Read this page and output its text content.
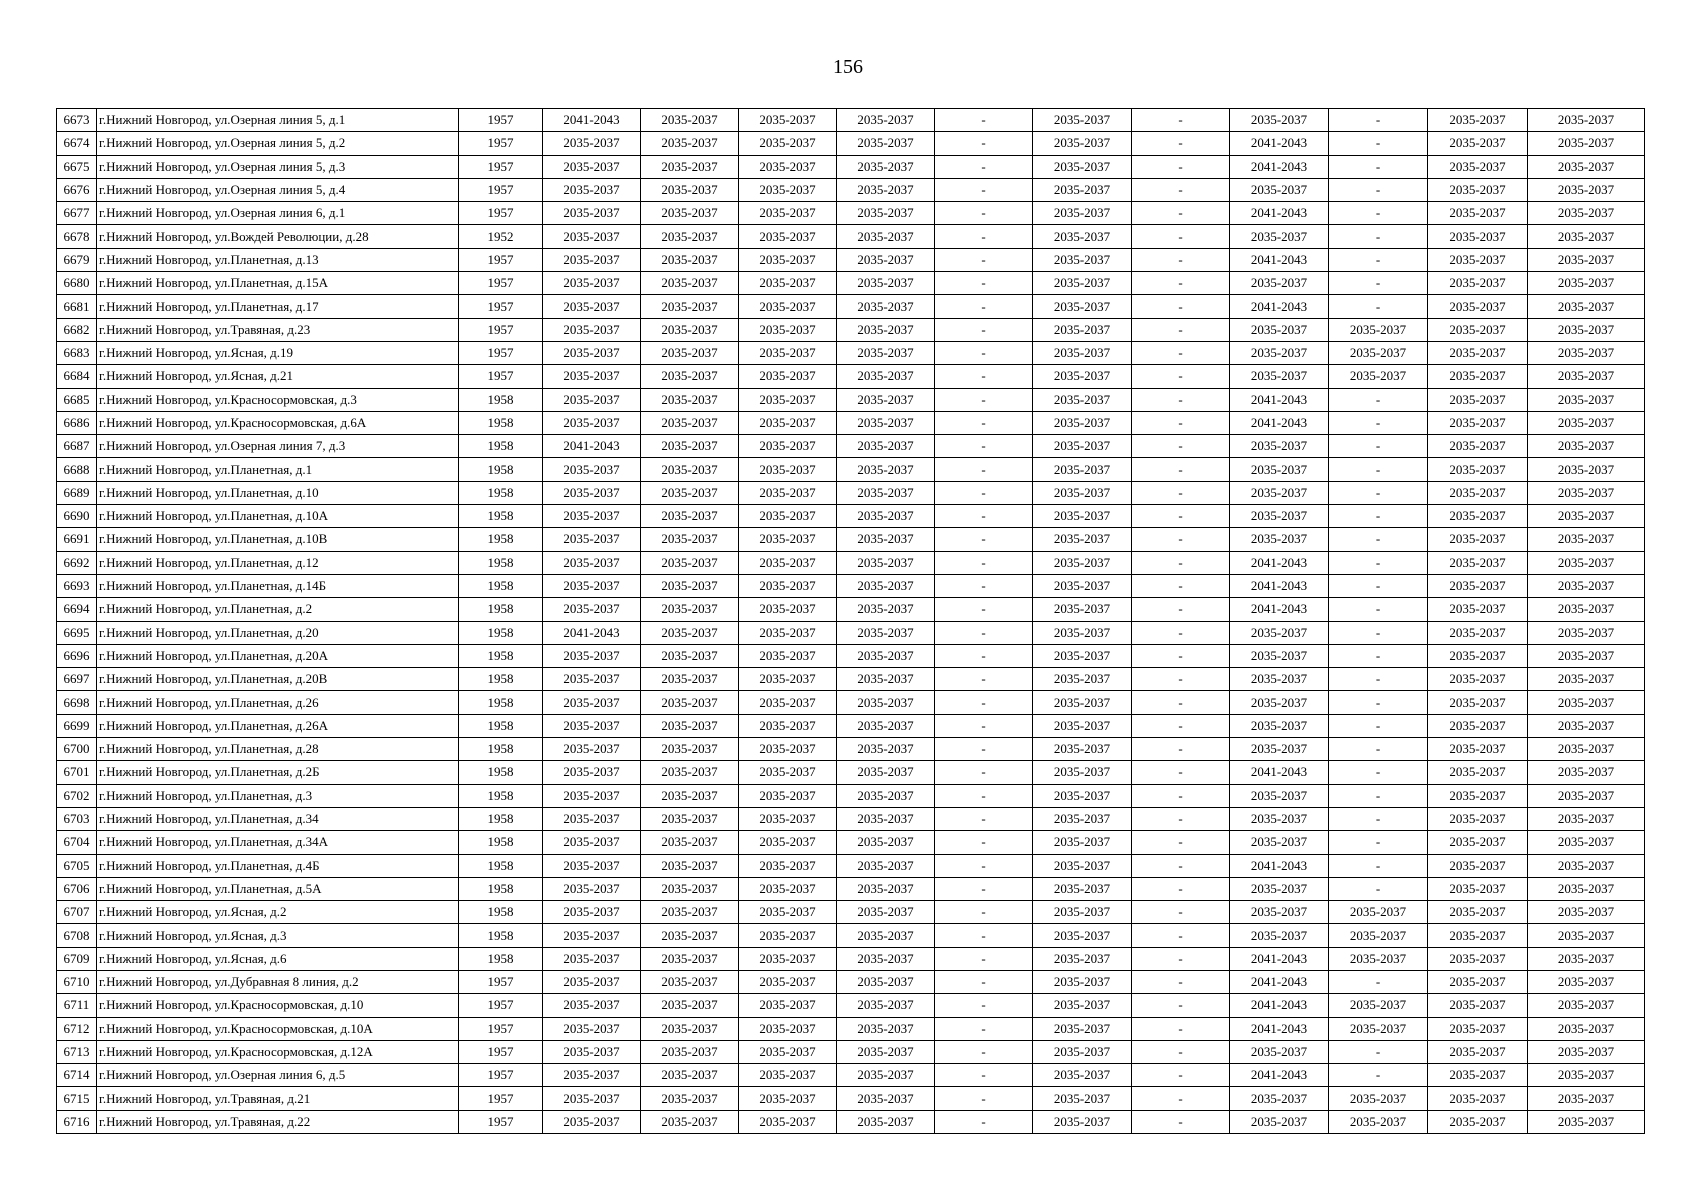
156
6673	г.Нижний Новгород, ул.Озерная линия 5, д.1	1957	2041-2043	2035-2037	2035-2037	2035-2037	-	2035-2037	-	2035-2037	-	2035-2037	2035-2037
6674	г.Нижний Новгород, ул.Озерная линия 5, д.2	1957	2035-2037	2035-2037	2035-2037	2035-2037	-	2035-2037	-	2041-2043	-	2035-2037	2035-2037
6675	г.Нижний Новгород, ул.Озерная линия 5, д.3	1957	2035-2037	2035-2037	2035-2037	2035-2037	-	2035-2037	-	2041-2043	-	2035-2037	2035-2037
6676	г.Нижний Новгород, ул.Озерная линия 5, д.4	1957	2035-2037	2035-2037	2035-2037	2035-2037	-	2035-2037	-	2035-2037	-	2035-2037	2035-2037
6677	г.Нижний Новгород, ул.Озерная линия 6, д.1	1957	2035-2037	2035-2037	2035-2037	2035-2037	-	2035-2037	-	2041-2043	-	2035-2037	2035-2037
6678	г.Нижний Новгород, ул.Вождей Революции, д.28	1952	2035-2037	2035-2037	2035-2037	2035-2037	-	2035-2037	-	2035-2037	-	2035-2037	2035-2037
6679	г.Нижний Новгород, ул.Планетная, д.13	1957	2035-2037	2035-2037	2035-2037	2035-2037	-	2035-2037	-	2041-2043	-	2035-2037	2035-2037
6680	г.Нижний Новгород, ул.Планетная, д.15А	1957	2035-2037	2035-2037	2035-2037	2035-2037	-	2035-2037	-	2035-2037	-	2035-2037	2035-2037
6681	г.Нижний Новгород, ул.Планетная, д.17	1957	2035-2037	2035-2037	2035-2037	2035-2037	-	2035-2037	-	2041-2043	-	2035-2037	2035-2037
6682	г.Нижний Новгород, ул.Травяная, д.23	1957	2035-2037	2035-2037	2035-2037	2035-2037	-	2035-2037	-	2035-2037	2035-2037	2035-2037	2035-2037
6683	г.Нижний Новгород, ул.Ясная, д.19	1957	2035-2037	2035-2037	2035-2037	2035-2037	-	2035-2037	-	2035-2037	2035-2037	2035-2037	2035-2037
6684	г.Нижний Новгород, ул.Ясная, д.21	1957	2035-2037	2035-2037	2035-2037	2035-2037	-	2035-2037	-	2035-2037	2035-2037	2035-2037	2035-2037
6685	г.Нижний Новгород, ул.Красносормовская, д.3	1958	2035-2037	2035-2037	2035-2037	2035-2037	-	2035-2037	-	2041-2043	-	2035-2037	2035-2037
6686	г.Нижний Новгород, ул.Красносормовская, д.6А	1958	2035-2037	2035-2037	2035-2037	2035-2037	-	2035-2037	-	2041-2043	-	2035-2037	2035-2037
6687	г.Нижний Новгород, ул.Озерная линия 7, д.3	1958	2041-2043	2035-2037	2035-2037	2035-2037	-	2035-2037	-	2035-2037	-	2035-2037	2035-2037
6688	г.Нижний Новгород, ул.Планетная, д.1	1958	2035-2037	2035-2037	2035-2037	2035-2037	-	2035-2037	-	2035-2037	-	2035-2037	2035-2037
6689	г.Нижний Новгород, ул.Планетная, д.10	1958	2035-2037	2035-2037	2035-2037	2035-2037	-	2035-2037	-	2035-2037	-	2035-2037	2035-2037
6690	г.Нижний Новгород, ул.Планетная, д.10А	1958	2035-2037	2035-2037	2035-2037	2035-2037	-	2035-2037	-	2035-2037	-	2035-2037	2035-2037
6691	г.Нижний Новгород, ул.Планетная, д.10В	1958	2035-2037	2035-2037	2035-2037	2035-2037	-	2035-2037	-	2035-2037	-	2035-2037	2035-2037
6692	г.Нижний Новгород, ул.Планетная, д.12	1958	2035-2037	2035-2037	2035-2037	2035-2037	-	2035-2037	-	2041-2043	-	2035-2037	2035-2037
6693	г.Нижний Новгород, ул.Планетная, д.14Б	1958	2035-2037	2035-2037	2035-2037	2035-2037	-	2035-2037	-	2041-2043	-	2035-2037	2035-2037
6694	г.Нижний Новгород, ул.Планетная, д.2	1958	2035-2037	2035-2037	2035-2037	2035-2037	-	2035-2037	-	2041-2043	-	2035-2037	2035-2037
6695	г.Нижний Новгород, ул.Планетная, д.20	1958	2041-2043	2035-2037	2035-2037	2035-2037	-	2035-2037	-	2035-2037	-	2035-2037	2035-2037
6696	г.Нижний Новгород, ул.Планетная, д.20А	1958	2035-2037	2035-2037	2035-2037	2035-2037	-	2035-2037	-	2035-2037	-	2035-2037	2035-2037
6697	г.Нижний Новгород, ул.Планетная, д.20В	1958	2035-2037	2035-2037	2035-2037	2035-2037	-	2035-2037	-	2035-2037	-	2035-2037	2035-2037
6698	г.Нижний Новгород, ул.Планетная, д.26	1958	2035-2037	2035-2037	2035-2037	2035-2037	-	2035-2037	-	2035-2037	-	2035-2037	2035-2037
6699	г.Нижний Новгород, ул.Планетная, д.26А	1958	2035-2037	2035-2037	2035-2037	2035-2037	-	2035-2037	-	2035-2037	-	2035-2037	2035-2037
6700	г.Нижний Новгород, ул.Планетная, д.28	1958	2035-2037	2035-2037	2035-2037	2035-2037	-	2035-2037	-	2035-2037	-	2035-2037	2035-2037
6701	г.Нижний Новгород, ул.Планетная, д.2Б	1958	2035-2037	2035-2037	2035-2037	2035-2037	-	2035-2037	-	2041-2043	-	2035-2037	2035-2037
6702	г.Нижний Новгород, ул.Планетная, д.3	1958	2035-2037	2035-2037	2035-2037	2035-2037	-	2035-2037	-	2035-2037	-	2035-2037	2035-2037
6703	г.Нижний Новгород, ул.Планетная, д.34	1958	2035-2037	2035-2037	2035-2037	2035-2037	-	2035-2037	-	2035-2037	-	2035-2037	2035-2037
6704	г.Нижний Новгород, ул.Планетная, д.34А	1958	2035-2037	2035-2037	2035-2037	2035-2037	-	2035-2037	-	2035-2037	-	2035-2037	2035-2037
6705	г.Нижний Новгород, ул.Планетная, д.4Б	1958	2035-2037	2035-2037	2035-2037	2035-2037	-	2035-2037	-	2041-2043	-	2035-2037	2035-2037
6706	г.Нижний Новгород, ул.Планетная, д.5А	1958	2035-2037	2035-2037	2035-2037	2035-2037	-	2035-2037	-	2035-2037	-	2035-2037	2035-2037
6707	г.Нижний Новгород, ул.Ясная, д.2	1958	2035-2037	2035-2037	2035-2037	2035-2037	-	2035-2037	-	2035-2037	2035-2037	2035-2037	2035-2037
6708	г.Нижний Новгород, ул.Ясная, д.3	1958	2035-2037	2035-2037	2035-2037	2035-2037	-	2035-2037	-	2035-2037	2035-2037	2035-2037	2035-2037
6709	г.Нижний Новгород, ул.Ясная, д.6	1958	2035-2037	2035-2037	2035-2037	2035-2037	-	2035-2037	-	2041-2043	2035-2037	2035-2037	2035-2037
6710	г.Нижний Новгород, ул.Дубравная 8 линия, д.2	1957	2035-2037	2035-2037	2035-2037	2035-2037	-	2035-2037	-	2041-2043	-	2035-2037	2035-2037
6711	г.Нижний Новгород, ул.Красносормовская, д.10	1957	2035-2037	2035-2037	2035-2037	2035-2037	-	2035-2037	-	2041-2043	2035-2037	2035-2037	2035-2037
6712	г.Нижний Новгород, ул.Красносормовская, д.10А	1957	2035-2037	2035-2037	2035-2037	2035-2037	-	2035-2037	-	2041-2043	2035-2037	2035-2037	2035-2037
6713	г.Нижний Новгород, ул.Красносормовская, д.12А	1957	2035-2037	2035-2037	2035-2037	2035-2037	-	2035-2037	-	2035-2037	-	2035-2037	2035-2037
6714	г.Нижний Новгород, ул.Озерная линия 6, д.5	1957	2035-2037	2035-2037	2035-2037	2035-2037	-	2035-2037	-	2041-2043	-	2035-2037	2035-2037
6715	г.Нижний Новгород, ул.Травяная, д.21	1957	2035-2037	2035-2037	2035-2037	2035-2037	-	2035-2037	-	2035-2037	2035-2037	2035-2037	2035-2037
6716	г.Нижний Новгород, ул.Травяная, д.22	1957	2035-2037	2035-2037	2035-2037	2035-2037	-	2035-2037	-	2035-2037	2035-2037	2035-2037	2035-2037
